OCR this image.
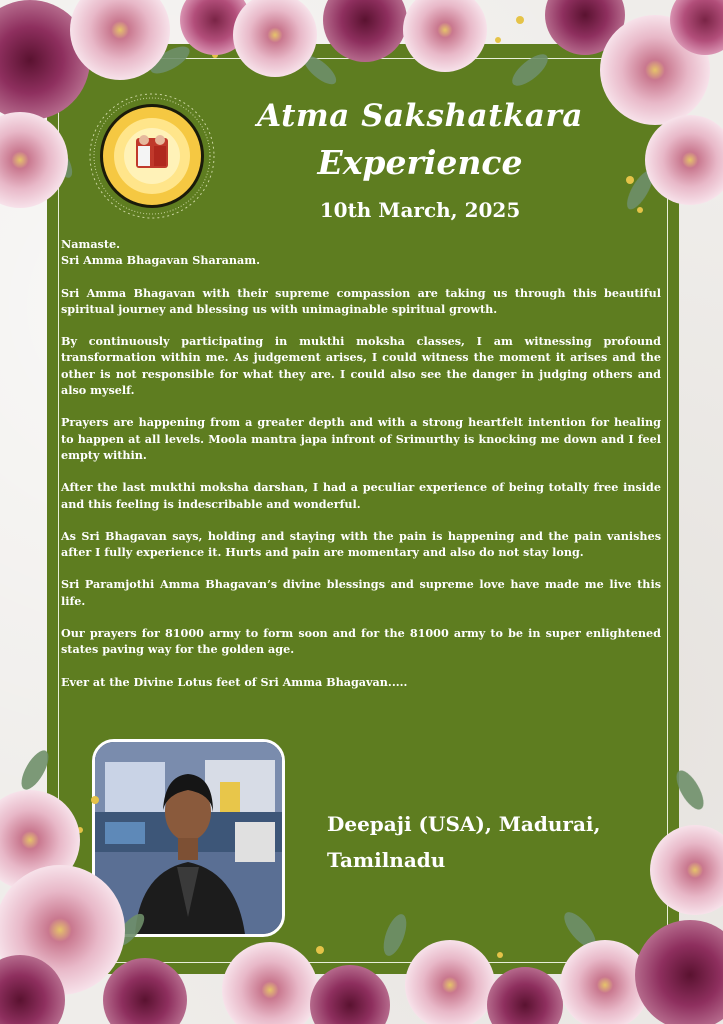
Atma Sakshatkara
Experience
10th March, 2025

Namaste.
Sri Amma Bhagavan Sharanam.

Sri Amma Bhagavan with their supreme compassion are taking us through this beautiful spiritual journey and blessing us with unimaginable spiritual growth.

By continuously participating in mukthi moksha classes, I am witnessing profound transformation within me. As judgement arises, I could witness the moment it arises and the other is not responsible for what they are. I could also see the danger in judging others and also myself.

Prayers are happening from a greater depth and with a strong heartfelt intention for healing to happen at all levels. Moola mantra japa infront of Srimurthy is knocking me down and I feel empty within.

After the last mukthi moksha darshan, I had a peculiar experience of being totally free inside and this feeling is indescribable and wonderful.

As Sri Bhagavan says, holding and staying with the pain is happening and the pain vanishes after I fully experience it. Hurts and pain are momentary and also do not stay long.

Sri Paramjothi Amma Bhagavan’s divine blessings and supreme love have made me live this life.

Our prayers for 81000 army to form soon and for the 81000 army to be in super enlightened states paving way for the golden age.

Ever at the Divine Lotus feet of Sri Amma Bhagavan.....

Deepaji (USA), Madurai,
Tamilnadu
